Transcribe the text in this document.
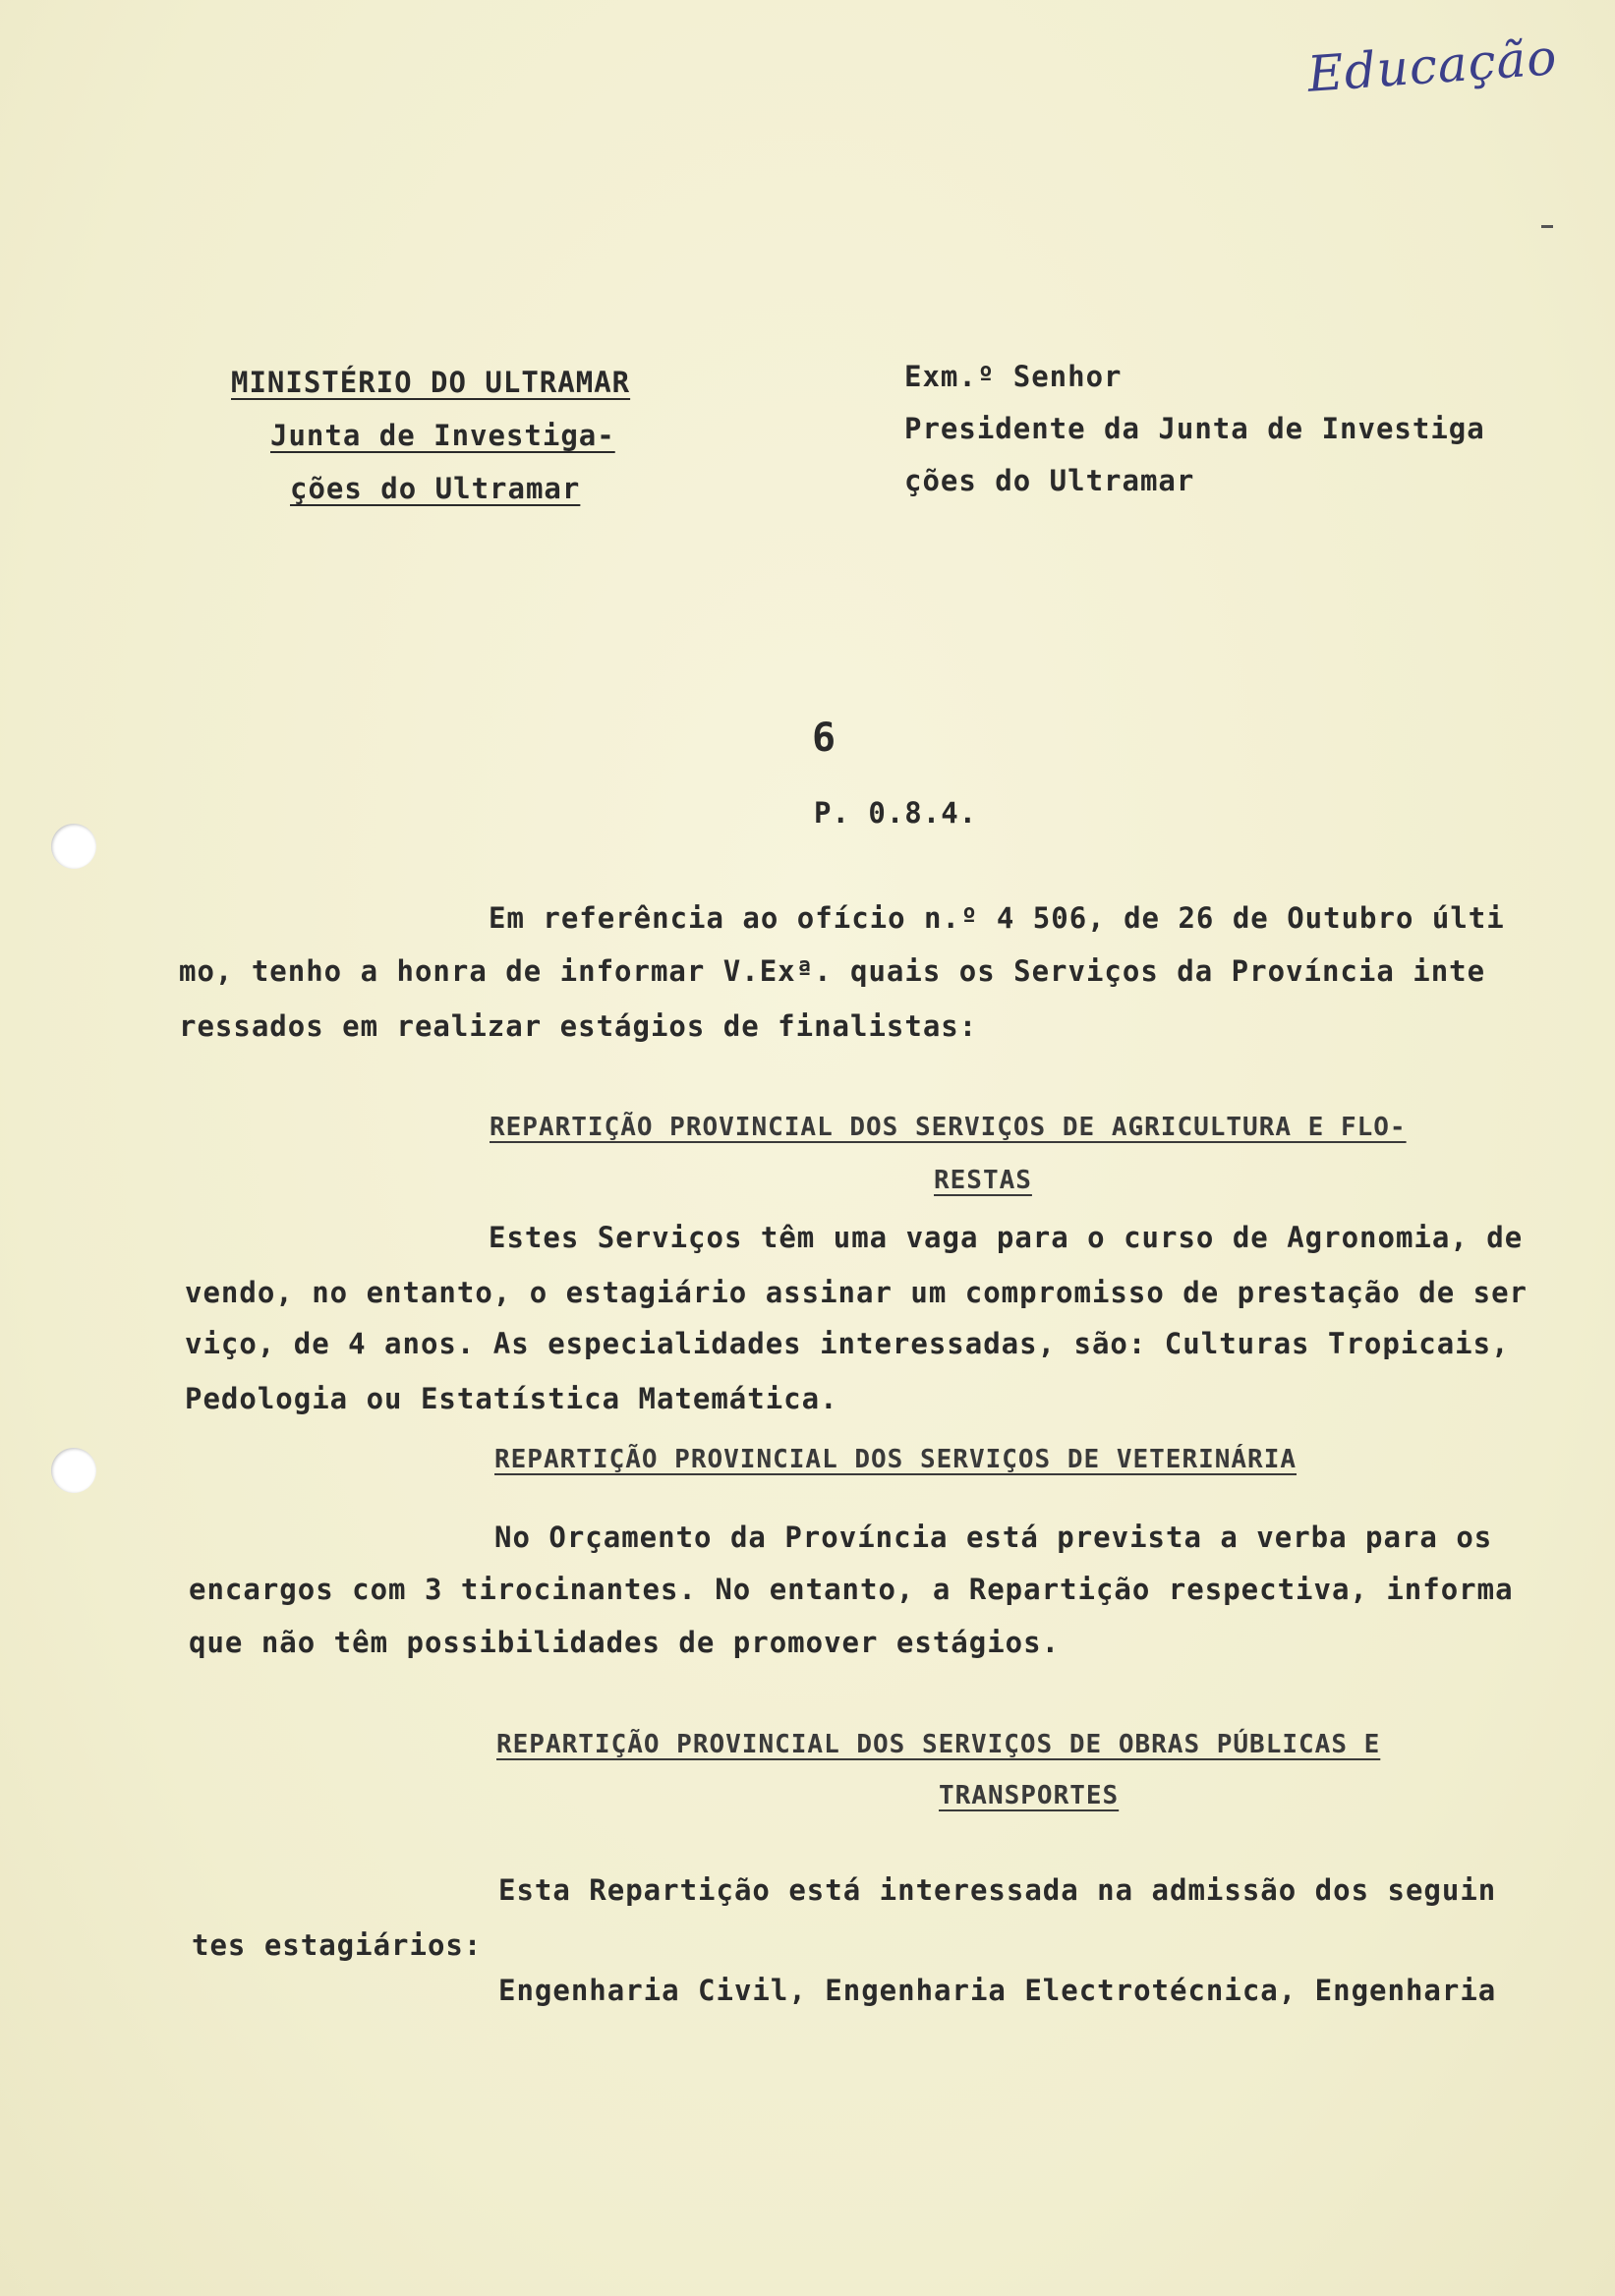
Educação
MINISTÉRIO DO ULTRAMAR
Junta de Investiga-
ções do Ultramar
Exm.º Senhor
Presidente da Junta de Investiga
ções do Ultramar
6
P. 0.8.4.
Em referência ao ofício n.º 4 506, de 26 de Outubro últi
mo, tenho a honra de informar V.Exª. quais os Serviços da Província inte
ressados em realizar estágios de finalistas:
REPARTIÇÃO PROVINCIAL DOS SERVIÇOS DE AGRICULTURA E FLO-
RESTAS
Estes Serviços têm uma vaga para o curso de Agronomia, de
vendo, no entanto, o estagiário assinar um compromisso de prestação de ser
viço, de 4 anos. As especialidades interessadas, são: Culturas Tropicais,
Pedologia ou Estatística Matemática.
REPARTIÇÃO PROVINCIAL DOS SERVIÇOS DE VETERINÁRIA
No Orçamento da Província está prevista a verba para os
encargos com 3 tirocinantes. No entanto, a Repartição respectiva, informa
que não têm possibilidades de promover estágios.
REPARTIÇÃO PROVINCIAL DOS SERVIÇOS DE OBRAS PÚBLICAS E
TRANSPORTES
Esta Repartição está interessada na admissão dos seguin
tes estagiários:
Engenharia Civil, Engenharia Electrotécnica, Engenharia
